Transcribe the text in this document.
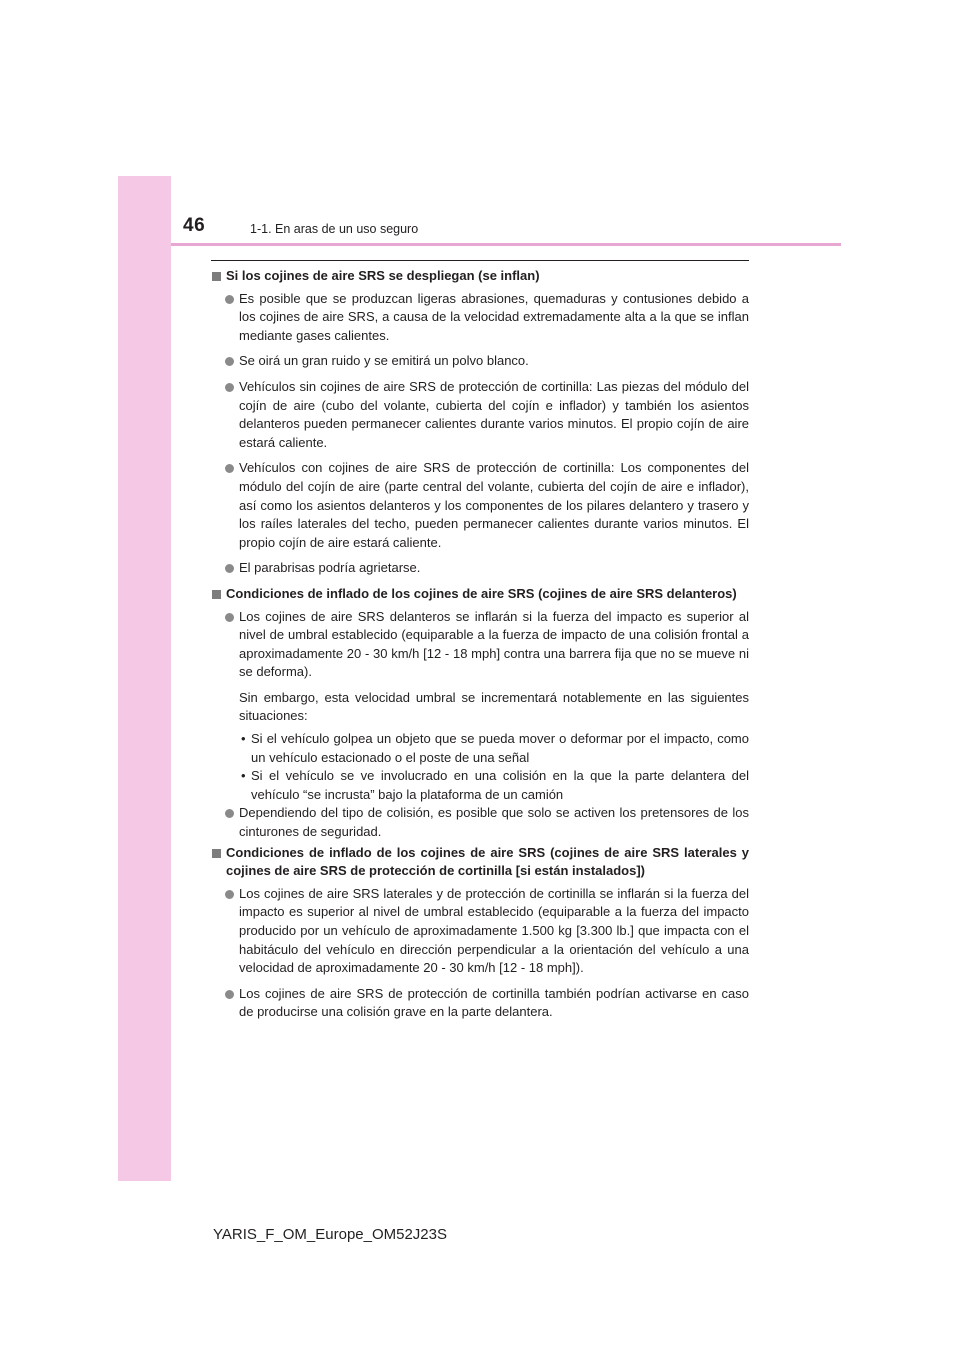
46	1-1. En aras de un uso seguro
Si los cojines de aire SRS se despliegan (se inflan)
Es posible que se produzcan ligeras abrasiones, quemaduras y contusiones debido a los cojines de aire SRS, a causa de la velocidad extremadamente alta a la que se inflan mediante gases calientes.
Se oirá un gran ruido y se emitirá un polvo blanco.
Vehículos sin cojines de aire SRS de protección de cortinilla: Las piezas del módulo del cojín de aire (cubo del volante, cubierta del cojín e inflador) y también los asientos delanteros pueden permanecer calientes durante varios minutos. El propio cojín de aire estará caliente.
Vehículos con cojines de aire SRS de protección de cortinilla: Los componentes del módulo del cojín de aire (parte central del volante, cubierta del cojín de aire e inflador), así como los asientos delanteros y los componentes de los pilares delantero y trasero y los raíles laterales del techo, pueden permanecer calientes durante varios minutos. El propio cojín de aire estará caliente.
El parabrisas podría agrietarse.
Condiciones de inflado de los cojines de aire SRS (cojines de aire SRS delanteros)
Los cojines de aire SRS delanteros se inflarán si la fuerza del impacto es superior al nivel de umbral establecido (equiparable a la fuerza de impacto de una colisión frontal a aproximadamente 20 - 30 km/h [12 - 18 mph] contra una barrera fija que no se mueve ni se deforma).
Sin embargo, esta velocidad umbral se incrementará notablemente en las siguientes situaciones:
• Si el vehículo golpea un objeto que se pueda mover o deformar por el impacto, como un vehículo estacionado o el poste de una señal
• Si el vehículo se ve involucrado en una colisión en la que la parte delantera del vehículo “se incrusta” bajo la plataforma de un camión
Dependiendo del tipo de colisión, es posible que solo se activen los pretensores de los cinturones de seguridad.
Condiciones de inflado de los cojines de aire SRS (cojines de aire SRS laterales y cojines de aire SRS de protección de cortinilla [si están instalados])
Los cojines de aire SRS laterales y de protección de cortinilla se inflarán si la fuerza del impacto es superior al nivel de umbral establecido (equiparable a la fuerza del impacto producido por un vehículo de aproximadamente 1.500 kg [3.300 lb.] que impacta con el habitáculo del vehículo en dirección perpendicular a la orientación del vehículo a una velocidad de aproximadamente 20 - 30 km/h [12 - 18 mph]).
Los cojines de aire SRS de protección de cortinilla también podrían activarse en caso de producirse una colisión grave en la parte delantera.
YARIS_F_OM_Europe_OM52J23S
